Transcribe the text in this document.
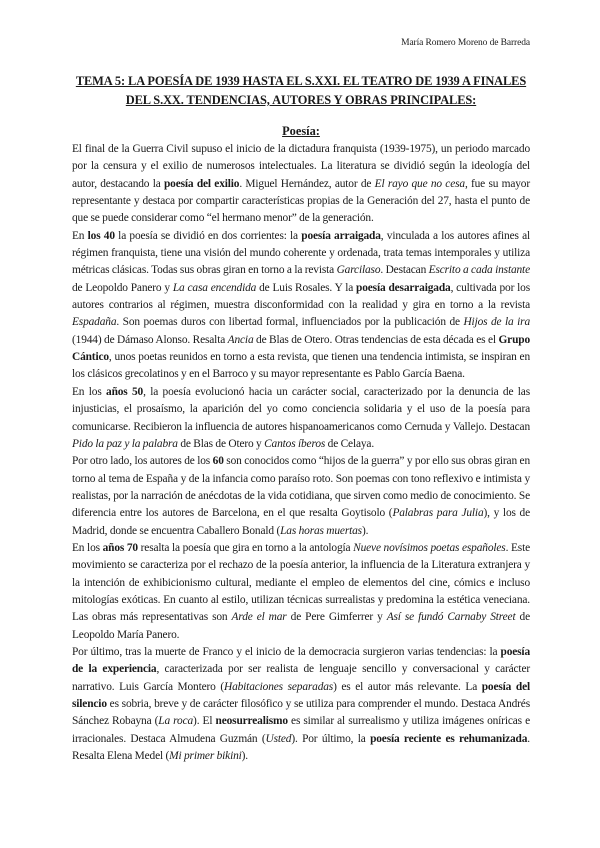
María Romero Moreno de Barreda
TEMA 5: LA POESÍA DE 1939 HASTA EL S.XXI. EL TEATRO DE 1939 A FINALES DEL S.XX. TENDENCIAS, AUTORES Y OBRAS PRINCIPALES:
Poesía:

El final de la Guerra Civil supuso el inicio de la dictadura franquista (1939-1975), un periodo marcado por la censura y el exilio de numerosos intelectuales. La literatura se dividió según la ideología del autor, destacando la poesía del exilio. Miguel Hernández, autor de El rayo que no cesa, fue su mayor representante y destaca por compartir características propias de la Generación del 27, hasta el punto de que se puede considerar como “el hermano menor” de la generación.

En los 40 la poesía se dividió en dos corrientes: la poesía arraigada, vinculada a los autores afines al régimen franquista, tiene una visión del mundo coherente y ordenada, trata temas intemporales y utiliza métricas clásicas. Todas sus obras giran en torno a la revista Garcilaso. Destacan Escrito a cada instante de Leopoldo Panero y La casa encendida de Luis Rosales. Y la poesía desarraigada, cultivada por los autores contrarios al régimen, muestra disconformidad con la realidad y gira en torno a la revista Espadaña. Son poemas duros con libertad formal, influenciados por la publicación de Hijos de la ira (1944) de Dámaso Alonso. Resalta Ancia de Blas de Otero. Otras tendencias de esta década es el Grupo Cántico, unos poetas reunidos en torno a esta revista, que tienen una tendencia intimista, se inspiran en los clásicos grecolatinos y en el Barroco y su mayor representante es Pablo García Baena.

En los años 50, la poesía evolucionó hacia un carácter social, caracterizado por la denuncia de las injusticias, el prosaísmo, la aparición del yo como conciencia solidaria y el uso de la poesía para comunicarse. Recibieron la influencia de autores hispanoamericanos como Cernuda y Vallejo. Destacan Pido la paz y la palabra de Blas de Otero y Cantos íberos de Celaya.

Por otro lado, los autores de los 60 son conocidos como “hijos de la guerra” y por ello sus obras giran en torno al tema de España y de la infancia como paraíso roto. Son poemas con tono reflexivo e intimista y realistas, por la narración de anécdotas de la vida cotidiana, que sirven como medio de conocimiento. Se diferencia entre los autores de Barcelona, en el que resalta Goytisolo (Palabras para Julia), y los de Madrid, donde se encuentra Caballero Bonald (Las horas muertas).

En los años 70 resalta la poesía que gira en torno a la antología Nueve novísimos poetas españoles. Este movimiento se caracteriza por el rechazo de la poesía anterior, la influencia de la Literatura extranjera y la intención de exhibicionismo cultural, mediante el empleo de elementos del cine, cómics e incluso mitologías exóticas. En cuanto al estilo, utilizan técnicas surrealistas y predomina la estética veneciana. Las obras más representativas son Arde el mar de Pere Gimferrer y Así se fundó Carnaby Street de Leopoldo María Panero.

Por último, tras la muerte de Franco y el inicio de la democracia surgieron varias tendencias: la poesía de la experiencia, caracterizada por ser realista de lenguaje sencillo y conversacional y carácter narrativo. Luis García Montero (Habitaciones separadas) es el autor más relevante. La poesía del silencio es sobria, breve y de carácter filosófico y se utiliza para comprender el mundo. Destaca Andrés Sánchez Robayna (La roca). El neosurrealismo es similar al surrealismo y utiliza imágenes oníricas e irracionales. Destaca Almudena Guzmán (Usted). Por último, la poesía reciente es rehumanizada. Resalta Elena Medel (Mi primer bikini).
